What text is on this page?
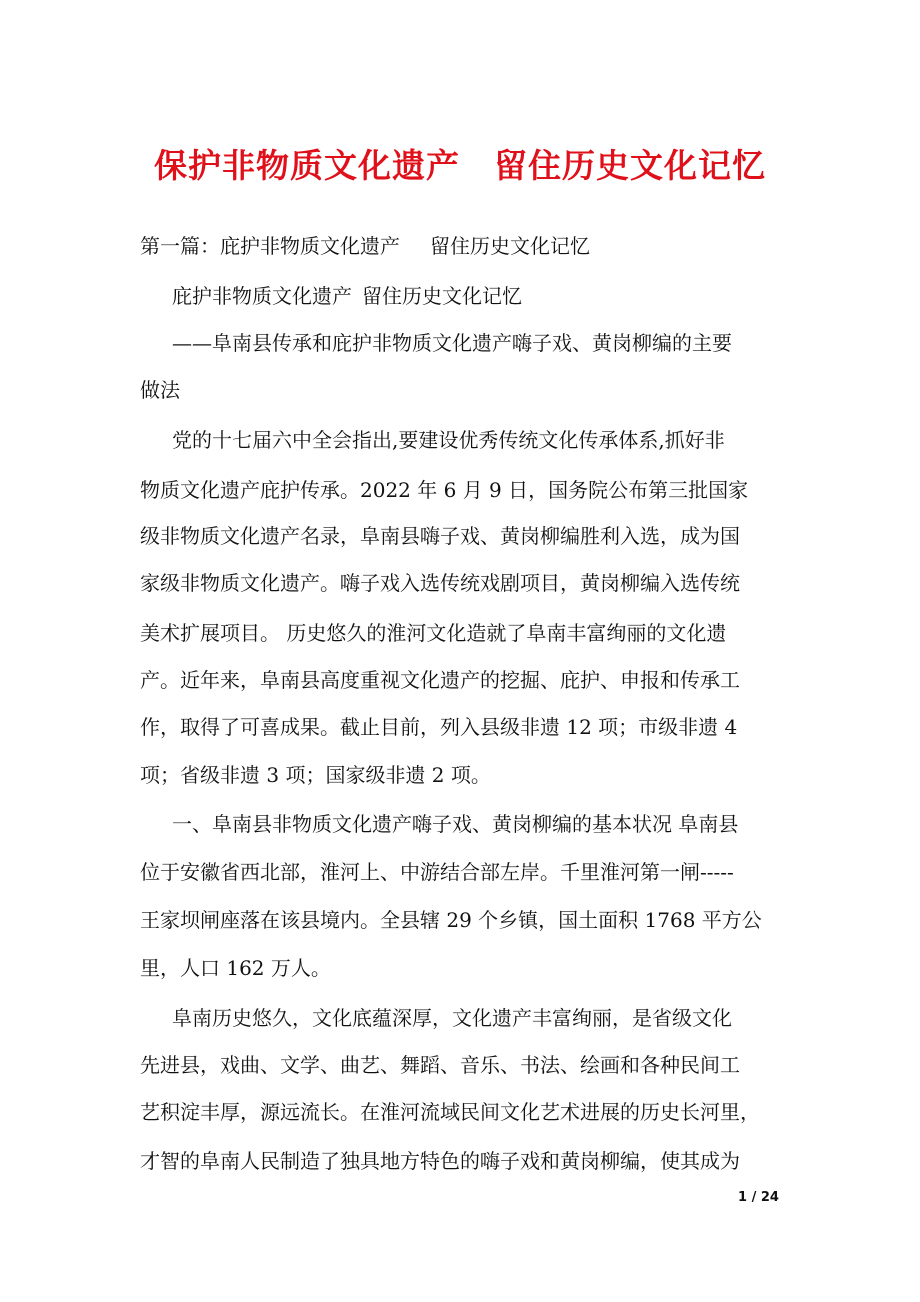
保护非物质文化遗产 留住历史文化记忆
第一篇：庇护非物质文化遗产 留住历史文化记忆
庇护非物质文化遗产 留住历史文化记忆
——阜南县传承和庇护非物质文化遗产嗨子戏、黄岗柳编的主要
做法
党的十七届六中全会指出,要建设优秀传统文化传承体系,抓好非
物质文化遗产庇护传承。2022 年 6 月 9 日，国务院公布第三批国家
级非物质文化遗产名录，阜南县嗨子戏、黄岗柳编胜利入选，成为国
家级非物质文化遗产。嗨子戏入选传统戏剧项目，黄岗柳编入选传统
美术扩展项目。 历史悠久的淮河文化造就了阜南丰富绚丽的文化遗
产。近年来，阜南县高度重视文化遗产的挖掘、庇护、申报和传承工
作，取得了可喜成果。截止目前，列入县级非遗 12 项；市级非遗 4
项；省级非遗 3 项；国家级非遗 2 项。
一、阜南县非物质文化遗产嗨子戏、黄岗柳编的基本状况 阜南县
位于安徽省西北部，淮河上、中游结合部左岸。千里淮河第一闸-----
王家坝闸座落在该县境内。全县辖 29 个乡镇，国土面积 1768 平方公
里，人口 162 万人。
阜南历史悠久，文化底蕴深厚，文化遗产丰富绚丽，是省级文化
先进县，戏曲、文学、曲艺、舞蹈、音乐、书法、绘画和各种民间工
艺积淀丰厚，源远流长。在淮河流域民间文化艺术进展的历史长河里，
才智的阜南人民制造了独具地方特色的嗨子戏和黄岗柳编，使其成为
1 / 24
